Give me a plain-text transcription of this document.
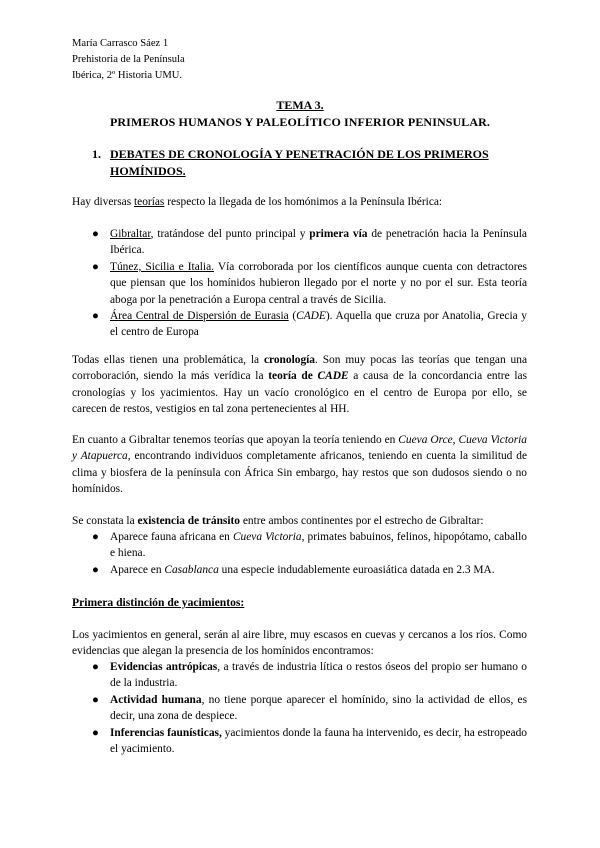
María Carrasco Sáez 1
Prehistoria de la Península
Ibérica, 2º Historia UMU.
TEMA 3.
PRIMEROS HUMANOS Y PALEOLÍTICO INFERIOR PENINSULAR.
1. DEBATES DE CRONOLOGÍA Y PENETRACIÓN DE LOS PRIMEROS HOMÍNIDOS.
Hay diversas teorías respecto la llegada de los homónimos a la Península Ibérica:
● Gibraltar, tratándose del punto principal y primera vía de penetración hacia la Península Ibérica.
● Túnez, Sicilia e Italia. Vía corroborada por los científicos aunque cuenta con detractores que piensan que los homínidos hubieron llegado por el norte y no por el sur. Esta teoría aboga por la penetración a Europa central a través de Sicilia.
● Área Central de Dispersión de Eurasia (CADE). Aquella que cruza por Anatolia, Grecia y el centro de Europa
Todas ellas tienen una problemática, la cronología. Son muy pocas las teorías que tengan una corroboración, siendo la más verídica la teoría de CADE a causa de la concordancia entre las cronologías y los yacimientos. Hay un vacío cronológico en el centro de Europa por ello, se carecen de restos, vestigios en tal zona pertenecientes al HH.
En cuanto a Gibraltar tenemos teorías que apoyan la teoría teniendo en Cueva Orce, Cueva Victoria y Atapuerca, encontrando individuos completamente africanos, teniendo en cuenta la similitud de clima y biosfera de la península con África Sin embargo, hay restos que son dudosos siendo o no homínidos.
Se constata la existencia de tránsito entre ambos continentes por el estrecho de Gibraltar:
● Aparece fauna africana en Cueva Victoria, primates babuinos, felinos, hipopótamo, caballo e hiena.
● Aparece en Casablanca una especie indudablemente euroasiática datada en 2.3 MA.
Primera distinción de yacimientos:
Los yacimientos en general, serán al aire libre, muy escasos en cuevas y cercanos a los ríos. Como evidencias que alegan la presencia de los homínidos encontramos:
● Evidencias antrópicas, a través de industria lítica o restos óseos del propio ser humano o de la industria.
● Actividad humana, no tiene porque aparecer el homínido, sino la actividad de ellos, es decir, una zona de despiece.
● Inferencias faunísticas, yacimientos donde la fauna ha intervenido, es decir, ha estropeado el yacimiento.
